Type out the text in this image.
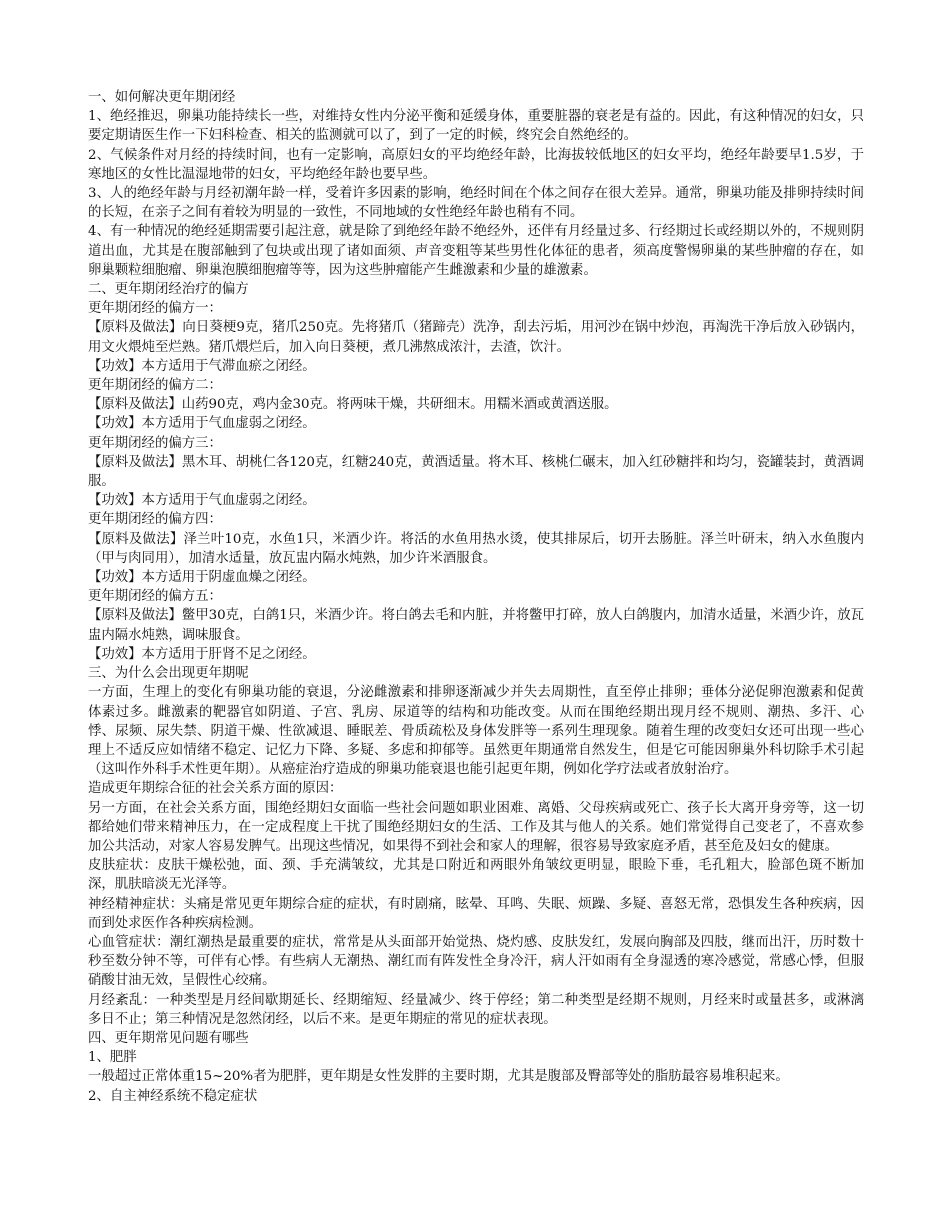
一、如何解决更年期闭经

1、绝经推迟，卵巢功能持续长一些，对维持女性内分泌平衡和延缓身体，重要脏器的衰老是有益的。因此，有这种情况的妇女，只要定期请医生作一下妇科检查、相关的监测就可以了，到了一定的时候，终究会自然绝经的。

2、气候条件对月经的持续时间，也有一定影响，高原妇女的平均绝经年龄，比海拔较低地区的妇女平均，绝经年龄要早1.5岁，于寒地区的女性比温湿地带的妇女，平均绝经年龄也要早些。

3、人的绝经年龄与月经初潮年龄一样，受着许多因素的影响，绝经时间在个体之间存在很大差异。通常，卵巢功能及排卵持续时间的长短，在亲子之间有着较为明显的一致性，不同地域的女性绝经年龄也稍有不同。

4、有一种情况的绝经延期需要引起注意，就是除了到绝经年龄不绝经外，还伴有月经量过多、行经期过长或经期以外的，不规则阴道出血，尤其是在腹部触到了包块或出现了诸如面须、声音变粗等某些男性化体征的患者，须高度警惕卵巢的某些肿瘤的存在，如卵巢颗粒细胞瘤、卵巢泡膜细胞瘤等等，因为这些肿瘤能产生雌激素和少量的雄激素。

二、更年期闭经治疗的偏方

更年期闭经的偏方一：

【原料及做法】向日葵梗9克，猪爪250克。先将猪爪（猪蹄壳）洗净，刮去污垢，用河沙在锅中炒泡，再淘洗干净后放入砂锅内，用文火煨炖至烂熟。猪爪煨烂后，加入向日葵梗，煮几沸熬成浓汁，去渣，饮汁。

【功效】本方适用于气滞血瘀之闭经。

更年期闭经的偏方二：

【原料及做法】山药90克，鸡内金30克。将两味干燥，共研细末。用糯米酒或黄酒送服。

【功效】本方适用于气血虚弱之闭经。

更年期闭经的偏方三：

【原料及做法】黑木耳、胡桃仁各120克，红糖240克，黄酒适量。将木耳、核桃仁碾末，加入红砂糖拌和均匀，瓷罐装封，黄酒调服。

【功效】本方适用于气血虚弱之闭经。

更年期闭经的偏方四：

【原料及做法】泽兰叶10克，水鱼1只，米酒少许。将活的水鱼用热水烫，使其排尿后，切开去肠脏。泽兰叶研末，纳入水鱼腹内（甲与肉同用），加清水适量，放瓦盅内隔水炖熟，加少许米酒服食。

【功效】本方适用于阴虚血燥之闭经。

更年期闭经的偏方五：

【原料及做法】鳖甲30克，白鸽1只，米酒少许。将白鸽去毛和内脏，并将鳖甲打碎，放人白鸽腹内，加清水适量，米酒少许，放瓦盅内隔水炖熟，调味服食。

【功效】本方适用于肝肾不足之闭经。

三、为什么会出现更年期呢

一方面，生理上的变化有卵巢功能的衰退，分泌雌激素和排卵逐渐减少并失去周期性，直至停止排卵；垂体分泌促卵泡激素和促黄体素过多。雌激素的靶器官如阴道、子宫、乳房、尿道等的结构和功能改变。从而在围绝经期出现月经不规则、潮热、多汗、心悸、尿频、尿失禁、阴道干燥、性欲减退、睡眠差、骨质疏松及身体发胖等一系列生理现象。随着生理的改变妇女还可出现一些心理上不适反应如情绪不稳定、记忆力下降、多疑、多虑和抑郁等。虽然更年期通常自然发生，但是它可能因卵巢外科切除手术引起（这叫作外科手术性更年期）。从癌症治疗造成的卵巢功能衰退也能引起更年期，例如化学疗法或者放射治疗。

造成更年期综合征的社会关系方面的原因：

另一方面，在社会关系方面，围绝经期妇女面临一些社会问题如职业困难、离婚、父母疾病或死亡、孩子长大离开身旁等，这一切都给她们带来精神压力，在一定成程度上干扰了围绝经期妇女的生活、工作及其与他人的关系。她们常觉得自己变老了，不喜欢参加公共活动，对家人容易发脾气。出现这些情况，如果得不到社会和家人的理解，很容易导致家庭矛盾，甚至危及妇女的健康。

皮肤症状：皮肤干燥松弛，面、颈、手充满皱纹，尤其是口附近和两眼外角皱纹更明显，眼睑下垂，毛孔粗大，脸部色斑不断加深，肌肤暗淡无光泽等。

神经精神症状：头痛是常见更年期综合症的症状，有时剧痛，眩晕、耳鸣、失眠、烦躁、多疑、喜怒无常，恐惧发生各种疾病，因而到处求医作各种疾病检测。

心血管症状：潮红潮热是最重要的症状，常常是从头面部开始觉热、烧灼感、皮肤发红，发展向胸部及四肢，继而出汗，历时数十秒至数分钟不等，可伴有心悸。有些病人无潮热、潮红而有阵发性全身冷汗，病人汗如雨有全身湿透的寒冷感觉，常感心悸，但服硝酸甘油无效，呈假性心绞痛。

月经紊乱：一种类型是月经间歇期延长、经期缩短、经量减少、终于停经；第二种类型是经期不规则，月经来时或量甚多，或淋漓多日不止；第三种情况是忽然闭经，以后不来。是更年期症的常见的症状表现。

四、更年期常见问题有哪些

1、肥胖

一般超过正常体重15~20%者为肥胖，更年期是女性发胖的主要时期，尤其是腹部及臀部等处的脂肪最容易堆积起来。

2、自主神经系统不稳定症状
